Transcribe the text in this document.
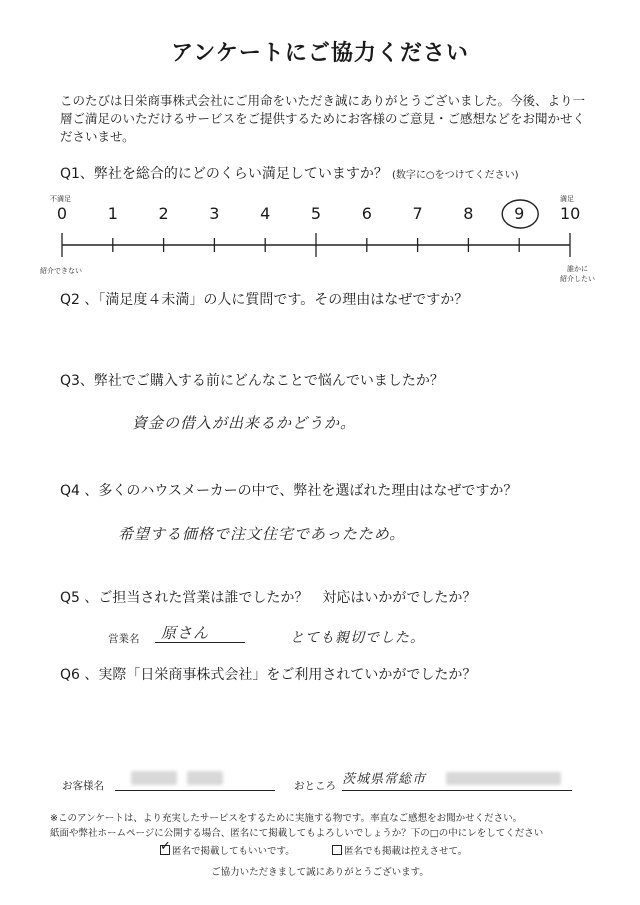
アンケートにご協力ください
このたびは日栄商事株式会社にご用命をいただき誠にありがとうございました。今後、より一層ご満足のいただけるサービスをご提供するためにお客様のご意見・ご感想などをお聞かせくださいませ。
Q1、弊社を総合的にどのくらい満足していますか？ (数字に○をつけてください)
不満足	満足
0	1	2	3	4	5	6	7	8	9	10
紹介できない	誰かに
紹介したい
Q2 、「満足度４未満」の人に質問です。その理由はなぜですか？
Q3、弊社でご購入する前にどんなことで悩んでいましたか？
資金の借入が出来るかどうか。
Q4 、多くのハウスメーカーの中で、弊社を選ばれた理由はなぜですか？
希望する価格で注文住宅であったため。
Q5 、ご担当された営業は誰でしたか？　対応はいかがでしたか？
営業名	原さん	とても親切でした。
Q6 、実際「日栄商事株式会社」をご利用されていかがでしたか？
お客様名	おところ 茨城県常総市
※このアンケートは、より充実したサービスをするために実施する物です。率直なご感想をお聞かせください。
紙面や弊社ホームページに公開する場合、匿名にて掲載してもよろしいでしょうか？下の□の中にレをしてください
✓ 匿名で掲載してもいいです。	匿名でも掲載は控えさせて。
ご協力いただきまして誠にありがとうございます。
